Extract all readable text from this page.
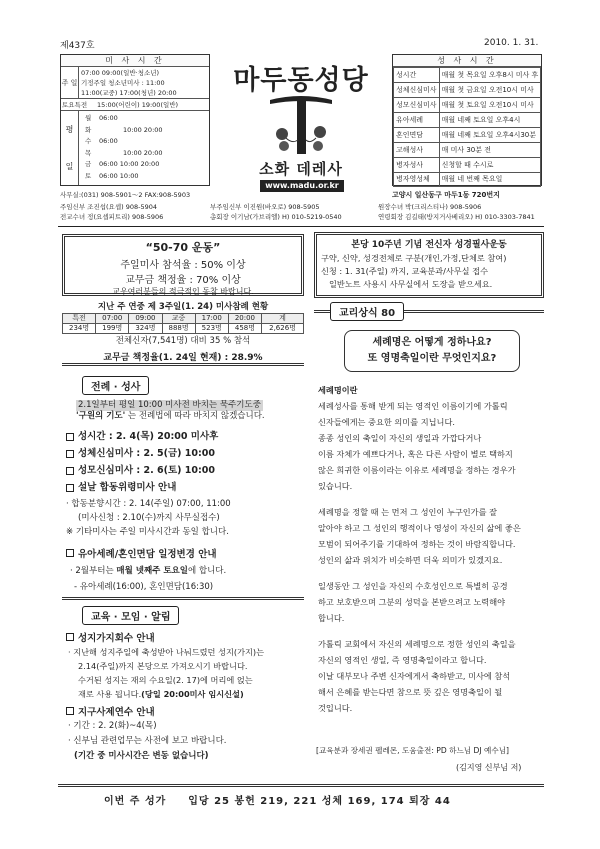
제437호	2010. 1. 31.
미 사 시 간
주 일
07:00 09:00(일반·청소년)
기정주일 청소년미사 : 11:00
11:00(교중) 17:00(청년) 20:00
토요특전	15:00(어린이) 19:00(일반)
평
일
월	06:00
화	10:00 20:00
수	06:00
목	10:00 20:00
금	06:00 10:00 20:00
토	06:00 10:00
마두동성당
소화 데레사
www.madu.or.kr
성 사 시 간
성시간	매월 첫 목요일 오후8시 미사 후
성체신심미사	매월 첫 금요일 오전10시 미사
성모신심미사	매월 첫 토요일 오전10시 미사
유아세례	매월 네째 토요일 오후4시
혼인면담	매월 네째 토요일 오후4시30분
고해성사	매 미사 30분 전
병자성사	신청할 때 수시로
병자영성체	매월 네 번째 목요일
사무실:(031) 908-5901～2 FAX:908-5903	고양시 일산동구 마두1동 720번지
주임신부 조진섭(요셉) 908-5904	부주임신부 이진원(바오로) 908-5905	원장수녀 박(크리스티나) 908-5906
전교수녀 정(요셉피트리) 908-5906	총회장 이기남(가브리엘) H) 010-5219-0540	연령회장 김길태(방지거사베리오) H) 010-3303-7841
“50-70 운동”
주일미사 참석율 : 50% 이상
교무금 책정율 : 70% 이상
교우여러분들의 적극적인 동참 바랍니다.
지난 주 연중 제 3주일(1. 24) 미사참례 현황
특전	07:00	09:00	교중	17:00	20:00	계
234명	199명	324명	888명	523명	458명	2,626명
전체신자(7,541명) 대비 35 % 참석
교무금 책정율(1. 24일 현재) : 28.9%
전례 · 성사
2.1일부터 평일 10:00 미사전 바치는 묵주기도중
'구원의 기도' 는 전례법에 따라 바치지 않겠습니다.
성시간 : 2. 4(목) 20:00 미사후
성체신심미사 : 2. 5(금) 10:00
성모신심미사 : 2. 6(토) 10:00
설날 합동위령미사 안내
· 합동분향시간 : 2. 14(주일) 07:00, 11:00
(미사신청 : 2.10(수)까지 사무실접수)
※ 기타미사는 주일 미사시간과 동일 합니다.
유아세례/혼인면담 일정변경 안내
· 2월부터는 매월 넷째주 토요일에 합니다.
- 유아세례(16:00), 혼인면담(16:30)
교육 · 모임 · 알림
성지가지회수 안내
· 지난해 성지주일에 축성받아 나눠드렸던 성지(가지)는
2.14(주일)까지 본당으로 가져오시기 바랍니다.
수거된 성지는 재의 수요일(2. 17)에 머리에 얹는
재로 사용 됩니다.(당일 20:00미사 임시신설)
지구사제연수 안내
· 기간 : 2. 2(화)~4(목)
· 신부님 관련업무는 사전에 보고 바랍니다.
(기간 중 미사시간은 변동 없습니다)
본당 10주년 기념 전신자 성경필사운동
구약, 신약, 성경전체로 구분(개인,가정,단체로 참여)
신청 : 1. 31(주일) 까지, 교육분과/사무실 접수
일반노트 사용시 사무실에서 도장을 받으세요.
교리상식 80
세례명은 어떻게 정하나요?
또 영명축일이란 무엇인지요?
세례명이란
세례성사를 통해 받게 되는 영적인 이름이기에 가톨릭
신자들에게는 중요한 의미를 지닙니다.
종종 성인의 축일이 자신의 생일과 가깝다거나
이름 자체가 예쁘다거나, 혹은 다른 사람이 별로 택하지
않은 희귀한 이름이라는 이유로 세례명을 정하는 경우가
있습니다.
세례명을 정할 때 는 먼저 그 성인이 누구인가를 잘
알아야 하고 그 성인의 행적이나 영성이 자신의 삶에 좋은
모범이 되어주기를 기대하여 정하는 것이 바람직합니다.
성인의 삶과 위치가 비슷하면 더욱 의미가 있겠지요.
일생동안 그 성인을 자신의 수호성인으로 특별히 공경
하고 보호받으며 그분의 성덕을 본받으려고 노력해야
합니다.
가톨릭 교회에서 자신의 세례명으로 정한 성인의 축일을
자신의 영적인 생일, 즉 영명축일이라고 합니다.
이날 대부모나 주변 신자에게서 축하받고, 미사에 참석
해서 은혜를 받는다면 참으로 뜻 깊은 영명축일이 될
것입니다.
[교육분과 장세권 펠레몬, 도움출전: PD 하느님 DJ 예수님]
(김지영 신부님 저)
이번 주 성가 입당 25 봉헌 219, 221 성체 169, 174 퇴장 44
